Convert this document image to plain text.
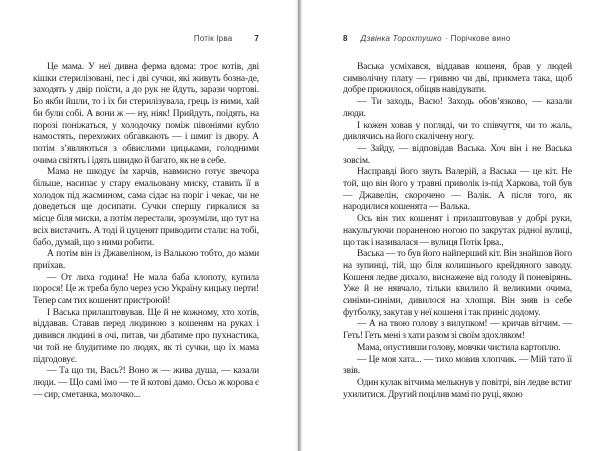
Потік Ірва	7

Це мама. У неї дивна ферма вдома: троє котів, дві кішки стерилізовані, пес і дві сучки, які живуть бозна-де, заходять у двір поїсти, а до рук не йдуть, зарази чортові. Бо якби йшли, то і їх би стерилізувала, грець із ними, хай би були собі. А вони ж — ну, ніяк! Прийдуть, поїдять, на порозі поніжаться, у холодочку поміж півоніями кубло намостять, перехожих обгавкають — і шмиг із двору. А потім з’являються з обвислими цицьками, голодними очима світять і їдять швидко й багато, як не в себе.

Мама не шкодує їм харчів, навмисно готує звечора більше, насипає у стару емальовану миску, ставить її в холодок під жасмином, сама сідає на поріг і чекає, чи не доведеться ще досипати. Сучки спершу гиркалися за місце біля миски, а потім перестали, зрозуміли, що тут на всіх вистачить. А тоді й цуценят приводити стали: на тобі, бабо, думай, що з ними робити.

А потім він із Джавеліном, із Валькою тобто, до мами приїхав.

— От лиха година! Не мала баба клопоту, купила порося! Це ж треба було через усю Україну кицьку перти! Тепер сам тих кошенят пристроюй!

І Васька прилаштовував. Ще й не кожному, хто хотів, віддавав. Ставав перед людиною з кошеням на руках і дивився людині в очі, питав, чи дбатиме про пухнастика, чи той не блудитиме по людях, як ті сучки, що їх мама підгодовує.

— Та що ти, Вась?! Воно ж — жива душа, — казали люди. — Що самі їмо — те й котові дамо. Осьо ж корова є — сир, сметанка, молочко...

8 Дзвінка Торохтушко · Порічкове вино

Васька усміхався, віддавав кошеня, брав у людей символічну плату — гривню чи дві, прикмета така, щоб добре прижилося, обіцяв навідувати.

— Ти заходь, Васю! Заходь обов’язково, — казали люди.

І кожен ховав у погляді, чи то співчуття, чи то жаль, дивлячись на його скалічену ногу.

— Зайду, — відповідав Васька. Хоч він і не Васька зовсім.

Насправді його звуть Валерій, а Васька — це кіт. Не той, що він його у травні приволік із-під Харкова, той був — Джавелін, скорочено — Валік. А після того, як народилися кошенята — Валька.

Ось він тих кошенят і прилаштовував у добрі руки, накульгуючи пораненою ногою по закрутах рідної вулиці, що так і називалася — вулиця Потік Ірва.,

Васька — то був його найперший кіт. Він знайшов його на зупинці, тій, що біля колишнього крейдяного заводу. Кошеня ледве дихало, виснажене від голоду й поневірянь. Уже й не нявчало, тільки квилило й великими очима, синіми-синіми, дивилося на хлопця. Він зняв із себе футболку, закутав у неї кошеня і так приніс додому.

— А на твою голову з вилупком! — кричав вітчим. — Геть! Геть мені з хати разом зі своїм здохляком!

Мама, опустивши голову, мовчки чистила картоплю.

— Це моя хата... — тихо мовив хлопчик. — Мій тато її звів.

Один кулак вітчима мелькнув у повітрі, він ледве встиг ухилитися. Другий поцілив мамі по руці, якою
